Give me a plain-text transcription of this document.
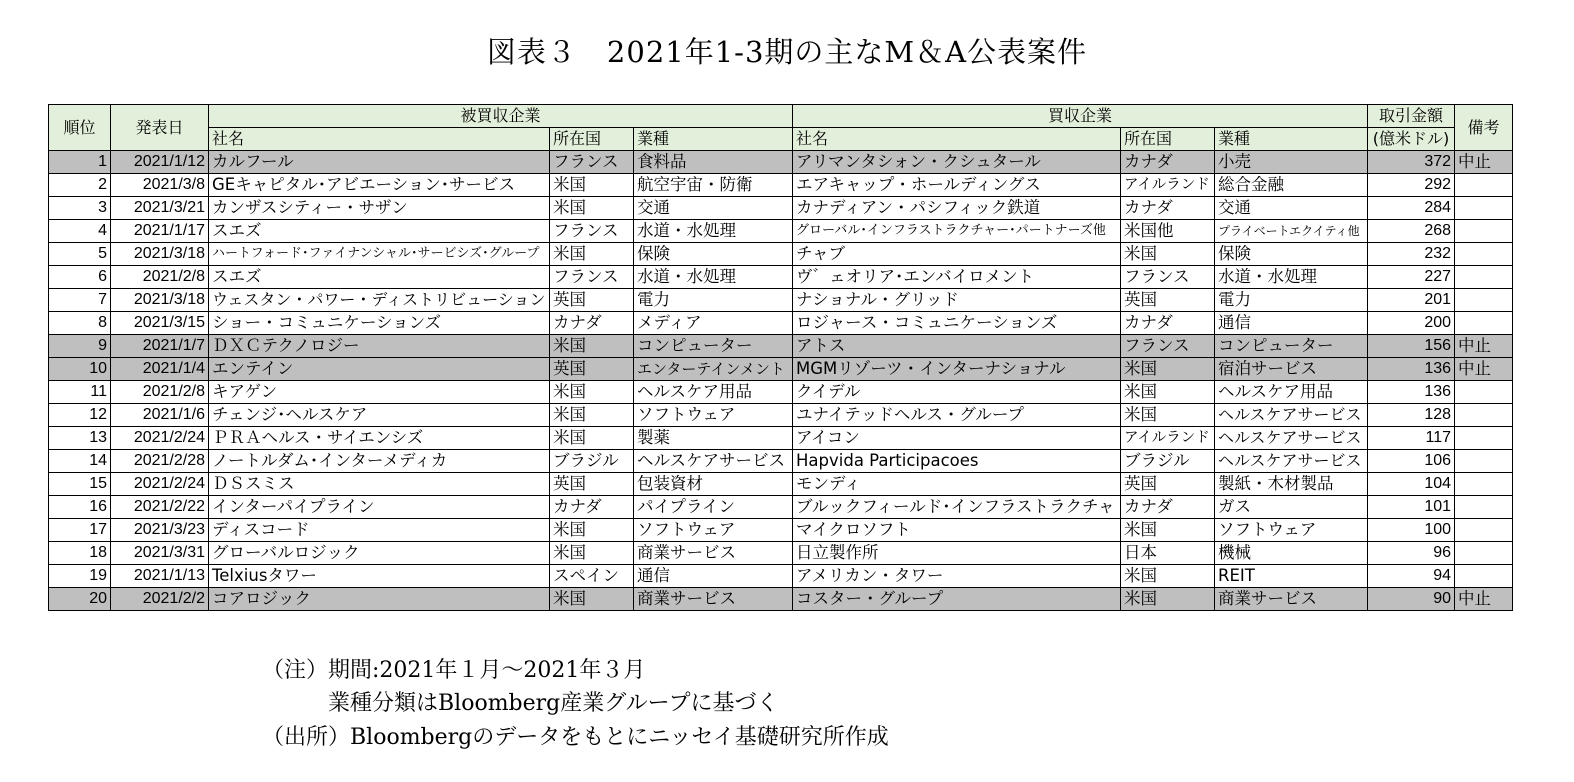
図表３　2021年1-3期の主なM＆A公表案件
順位	発表日	被買収企業			買収企業			取引金額	備考
		社名	所在国	業種	社名	所在国	業種	(億米ドル)	
1	2021/1/12	カルフール	フランス	食料品	アリマンタシォン・クシュタール	カナダ	小売	372	中止
2	2021/3/8	GEキャピタル･アビエーション･サービス	米国	航空宇宙・防衛	エアキャップ・ホールディングス	アイルランド	総合金融	292	
3	2021/3/21	カンザスシティー・サザン	米国	交通	カナディアン・パシフィック鉄道	カナダ	交通	284	
4	2021/1/17	スエズ	フランス	水道・水処理	グローバル･インフラストラクチャー･パートナーズ他	米国他	プライベートエクイティ他	268	
5	2021/3/18	ハートフォード･ファイナンシャル･サービシズ･グループ	米国	保険	チャブ	米国	保険	232	
6	2021/2/8	スエズ	フランス	水道・水処理	ヴ゛ェオリア･エンバイロメント	フランス	水道・水処理	227	
7	2021/3/18	ウェスタン・パワー・ディストリビューション	英国	電力	ナショナル・グリッド	英国	電力	201	
8	2021/3/15	ショー・コミュニケーションズ	カナダ	メディア	ロジャース・コミュニケーションズ	カナダ	通信	200	
9	2021/1/7	ＤＸＣテクノロジー	米国	コンピューター	アトス	フランス	コンピューター	156	中止
10	2021/1/4	エンテイン	英国	エンターテインメント	MGMリゾーツ・インターナショナル	米国	宿泊サービス	136	中止
11	2021/2/8	キアゲン	米国	ヘルスケア用品	クイデル	米国	ヘルスケア用品	136	
12	2021/1/6	チェンジ･ヘルスケア	米国	ソフトウェア	ユナイテッドヘルス・グループ	米国	ヘルスケアサービス	128	
13	2021/2/24	ＰＲＡヘルス・サイエンシズ	米国	製薬	アイコン	アイルランド	ヘルスケアサービス	117	
14	2021/2/28	ノートルダム･インターメディカ	ブラジル	ヘルスケアサービス	Hapvida Participacoes	ブラジル	ヘルスケアサービス	106	
15	2021/2/24	ＤＳスミス	英国	包装資材	モンディ	英国	製紙・木材製品	104	
16	2021/2/22	インターパイプライン	カナダ	パイプライン	ブルックフィールド･インフラストラクチャ	カナダ	ガス	101	
17	2021/3/23	ディスコード	米国	ソフトウェア	マイクロソフト	米国	ソフトウェア	100	
18	2021/3/31	グローバルロジック	米国	商業サービス	日立製作所	日本	機械	96	
19	2021/1/13	Telxiusタワー	スペイン	通信	アメリカン・タワー	米国	REIT	94	
20	2021/2/2	コアロジック	米国	商業サービス	コスター・グループ	米国	商業サービス	90	中止
（注）期間:2021年１月～2021年３月
　　　業種分類はBloomberg産業グループに基づく
（出所）Bloombergのデータをもとにニッセイ基礎研究所作成
